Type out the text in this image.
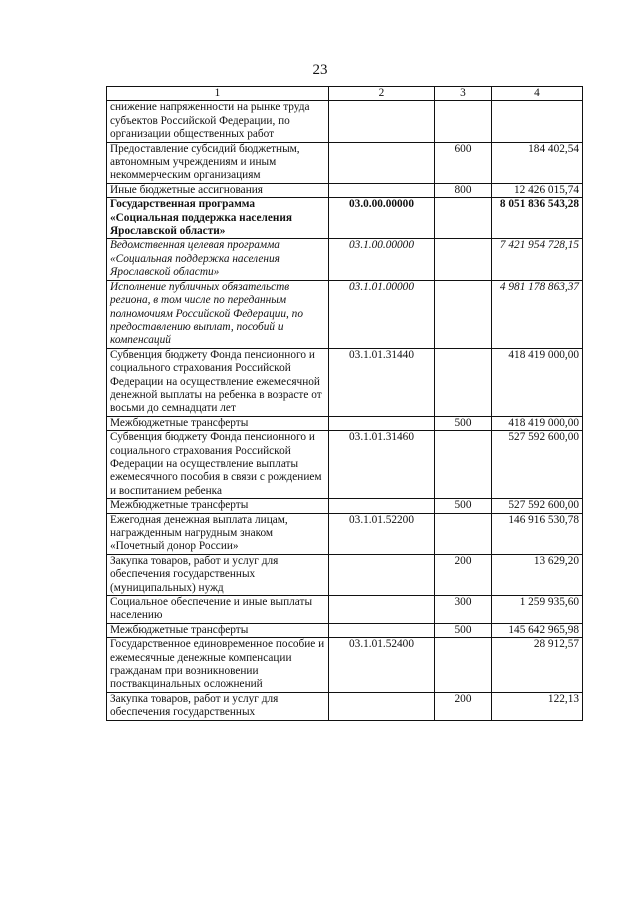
23
1	2	3	4
снижение напряженности на рынке труда субъектов Российской Федерации, по организации общественных работ			
Предоставление субсидий бюджетным, автономным учреждениям и иным некоммерческим организациям		600	184 402,54
Иные бюджетные ассигнования		800	12 426 015,74
Государственная программа «Социальная поддержка населения Ярославской области»	03.0.00.00000		8 051 836 543,28
Ведомственная целевая программа «Социальная поддержка населения Ярославской области»	03.1.00.00000		7 421 954 728,15
Исполнение публичных обязательств региона, в том числе по переданным полномочиям Российской Федерации, по предоставлению выплат, пособий и компенсаций	03.1.01.00000		4 981 178 863,37
Субвенция бюджету Фонда пенсионного и социального страхования Российской Федерации на осуществление ежемесячной денежной выплаты на ребенка в возрасте от восьми до семнадцати лет	03.1.01.31440		418 419 000,00
Межбюджетные трансферты		500	418 419 000,00
Субвенция бюджету Фонда пенсионного и социального страхования Российской Федерации на осуществление выплаты ежемесячного пособия в связи с рождением и воспитанием ребенка	03.1.01.31460		527 592 600,00
Межбюджетные трансферты		500	527 592 600,00
Ежегодная денежная выплата лицам, награжденным нагрудным знаком «Почетный донор России»	03.1.01.52200		146 916 530,78
Закупка товаров, работ и услуг для обеспечения государственных (муниципальных) нужд		200	13 629,20
Социальное обеспечение и иные выплаты населению		300	1 259 935,60
Межбюджетные трансферты		500	145 642 965,98
Государственное единовременное пособие и ежемесячные денежные компенсации гражданам при возникновении поствакцинальных осложнений	03.1.01.52400		28 912,57
Закупка товаров, работ и услуг для обеспечения государственных		200	122,13
